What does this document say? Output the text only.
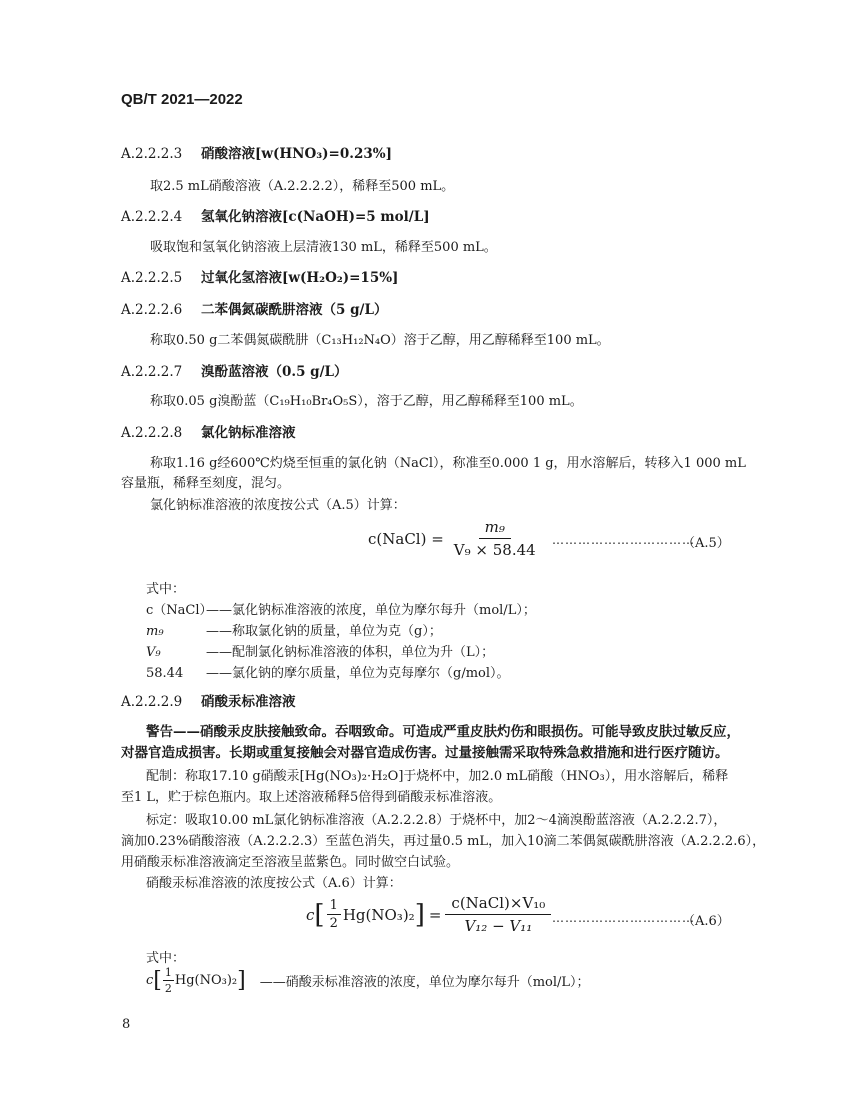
QB/T 2021—2022
A.2.2.2.3 硝酸溶液[w(HNO₃)=0.23%]
取2.5 mL硝酸溶液（A.2.2.2.2），稀释至500 mL。
A.2.2.2.4 氢氧化钠溶液[c(NaOH)=5 mol/L]
吸取饱和氢氧化钠溶液上层清液130 mL，稀释至500 mL。
A.2.2.2.5 过氧化氢溶液[w(H₂O₂)=15%]
A.2.2.2.6 二苯偶氮碳酰肼溶液（5 g/L）
称取0.50 g二苯偶氮碳酰肼（C₁₃H₁₂N₄O）溶于乙醇，用乙醇稀释至100 mL。
A.2.2.2.7 溴酚蓝溶液（0.5 g/L）
称取0.05 g溴酚蓝（C₁₉H₁₀Br₄O₅S），溶于乙醇，用乙醇稀释至100 mL。
A.2.2.2.8 氯化钠标准溶液
称取1.16 g经600℃灼烧至恒重的氯化钠（NaCl），称准至0.000 1 g，用水溶解后，转移入1 000 mL
容量瓶，稀释至刻度，混匀。
氯化钠标准溶液的浓度按公式（A.5）计算：
c(NaCl) = $\frac{\text{m₉}}{\text{V₉ × 58.44}}$ ……………………………
（A.5）
式中：
c（NaCl）——氯化钠标准溶液的浓度，单位为摩尔每升（mol/L）；
m₉	——称取氯化钠的质量，单位为克（g）；
V₉	——配制氯化钠标准溶液的体积，单位为升（L）；
58.44 ——氯化钠的摩尔质量，单位为克每摩尔（g/mol）。
A.2.2.2.9 硝酸汞标准溶液
警告——硝酸汞皮肤接触致命。吞咽致命。可造成严重皮肤灼伤和眼损伤。可能导致皮肤过敏反应，
对器官造成损害。长期或重复接触会对器官造成伤害。过量接触需采取特殊急救措施和进行医疗随访。
配制：称取17.10 g硝酸汞[Hg(NO₃)₂·H₂O]于烧杯中，加2.0 mL硝酸（HNO₃），用水溶解后，稀释
至1 L，贮于棕色瓶内。取上述溶液稀释5倍得到硝酸汞标准溶液。
标定：吸取10.00 mL氯化钠标准溶液（A.2.2.2.8）于烧杯中，加2～4滴溴酚蓝溶液（A.2.2.2.7），
滴加0.23%硝酸溶液（A.2.2.2.3）至蓝色消失，再过量0.5 mL，加入10滴二苯偶氮碳酰肼溶液（A.2.2.2.6），
用硝酸汞标准溶液滴定至溶液呈蓝紫色。同时做空白试验。
硝酸汞标准溶液的浓度按公式（A.6）计算：
c [ $\frac{1}{2} Hg(NO_3)_2$ ] = $\frac{\text{c(NaCl)×V₁₀}}{\text{V₁₂ − V₁₁}}$ ……………………………
（A.6）
式中：
c [ $\frac{1}{2} Hg(NO_3)_2$ ] ——硝酸汞标准溶液的浓度，单位为摩尔每升（mol/L）；
8
